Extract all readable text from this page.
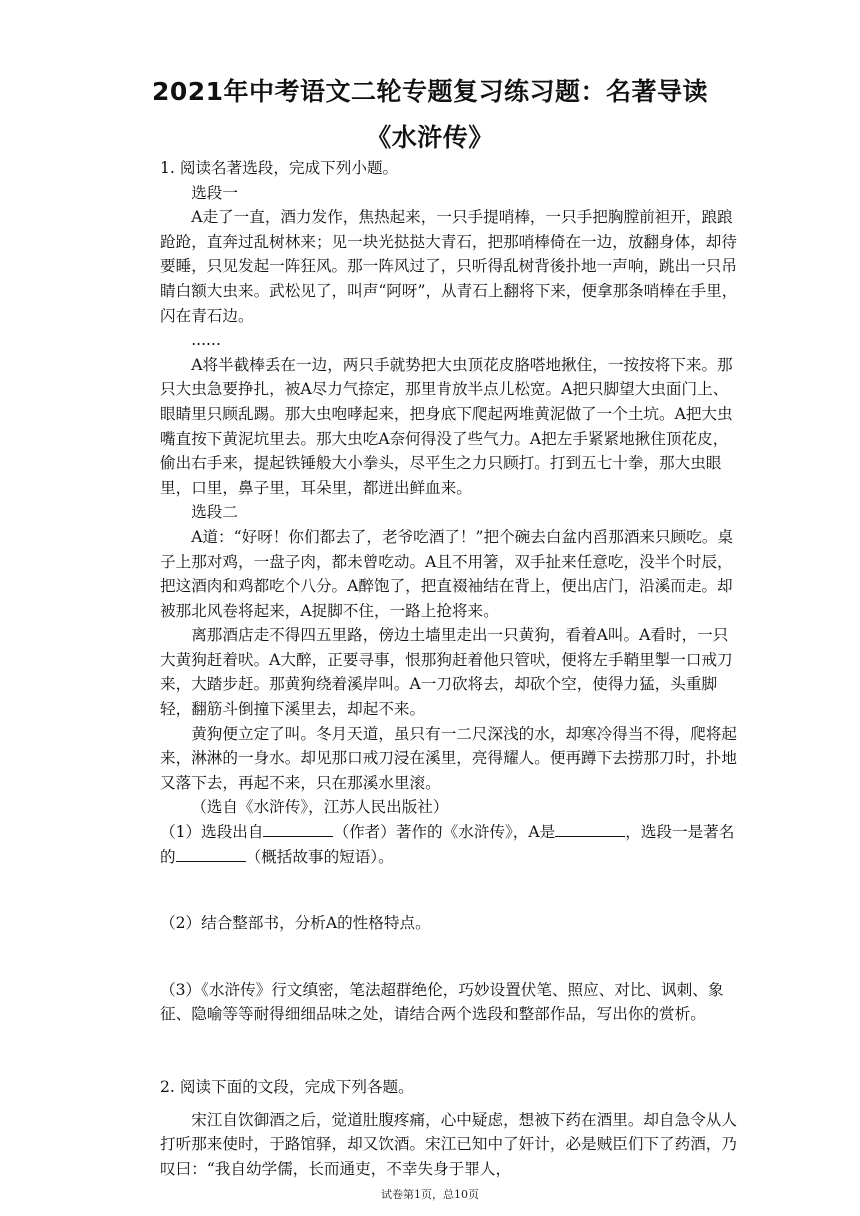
2021年中考语文二轮专题复习练习题：名著导读
《水浒传》

1. 阅读名著选段，完成下列小题。

选段一

A走了一直，酒力发作，焦热起来，一只手提哨棒，一只手把胸膛前袒开，踉踉跄跄，直奔过乱树林来；见一块光挞挞大青石，把那哨棒倚在一边，放翻身体，却待要睡，只见发起一阵狂风。那一阵风过了，只听得乱树背後扑地一声响，跳出一只吊睛白额大虫来。武松见了，叫声“阿呀”，从青石上翻将下来，便拿那条哨棒在手里，闪在青石边。

......

A将半截棒丢在一边，两只手就势把大虫顶花皮胳嗒地揪住，一按按将下来。那只大虫急要挣扎，被A尽力气捺定，那里肯放半点儿松宽。A把只脚望大虫面门上、眼睛里只顾乱踢。那大虫咆哮起来，把身底下爬起两堆黄泥做了一个土坑。A把大虫嘴直按下黄泥坑里去。那大虫吃A奈何得没了些气力。A把左手紧紧地揪住顶花皮，偷出右手来，提起铁锤般大小拳头，尽平生之力只顾打。打到五七十拳，那大虫眼里，口里，鼻子里，耳朵里，都迸出鲜血来。

选段二

A道：“好呀！你们都去了，老爷吃酒了！”把个碗去白盆内舀那酒来只顾吃。桌子上那对鸡，一盘子肉，都未曾吃动。A且不用箸，双手扯来任意吃，没半个时辰，把这酒肉和鸡都吃个八分。A醉饱了，把直裰袖结在背上，便出店门，沿溪而走。却被那北风卷将起来，A捉脚不住，一路上抢将来。

离那酒店走不得四五里路，傍边土墙里走出一只黄狗，看着A叫。A看时，一只大黄狗赶着吠。A大醉，正要寻事，恨那狗赶着他只管吠，便将左手鞘里掣一口戒刀来，大踏步赶。那黄狗绕着溪岸叫。A一刀砍将去，却砍个空，使得力猛，头重脚轻，翻筋斗倒撞下溪里去，却起不来。

黄狗便立定了叫。冬月天道，虽只有一二尺深浅的水，却寒冷得当不得，爬将起来，淋淋的一身水。却见那口戒刀浸在溪里，亮得耀人。便再蹲下去捞那刀时，扑地又落下去，再起不来，只在那溪水里滚。

（选自《水浒传》，江苏人民出版社）

（1）选段出自	（作者）著作的《水浒传》，A是	，选段一是著名的	（概括故事的短语）。

（2）结合整部书，分析A的性格特点。

（3）《水浒传》行文缜密，笔法超群绝伦，巧妙设置伏笔、照应、对比、讽刺、象征、隐喻等等耐得细细品味之处，请结合两个选段和整部作品，写出你的赏析。

2. 阅读下面的文段，完成下列各题。

宋江自饮御酒之后，觉道肚腹疼痛，心中疑虑，想被下药在酒里。却自急令从人打听那来使时，于路馆驿，却又饮酒。宋江已知中了奸计，必是贼臣们下了药酒，乃叹曰：“我自幼学儒，长而通吏，不幸失身于罪人，

试卷第1页，总10页
